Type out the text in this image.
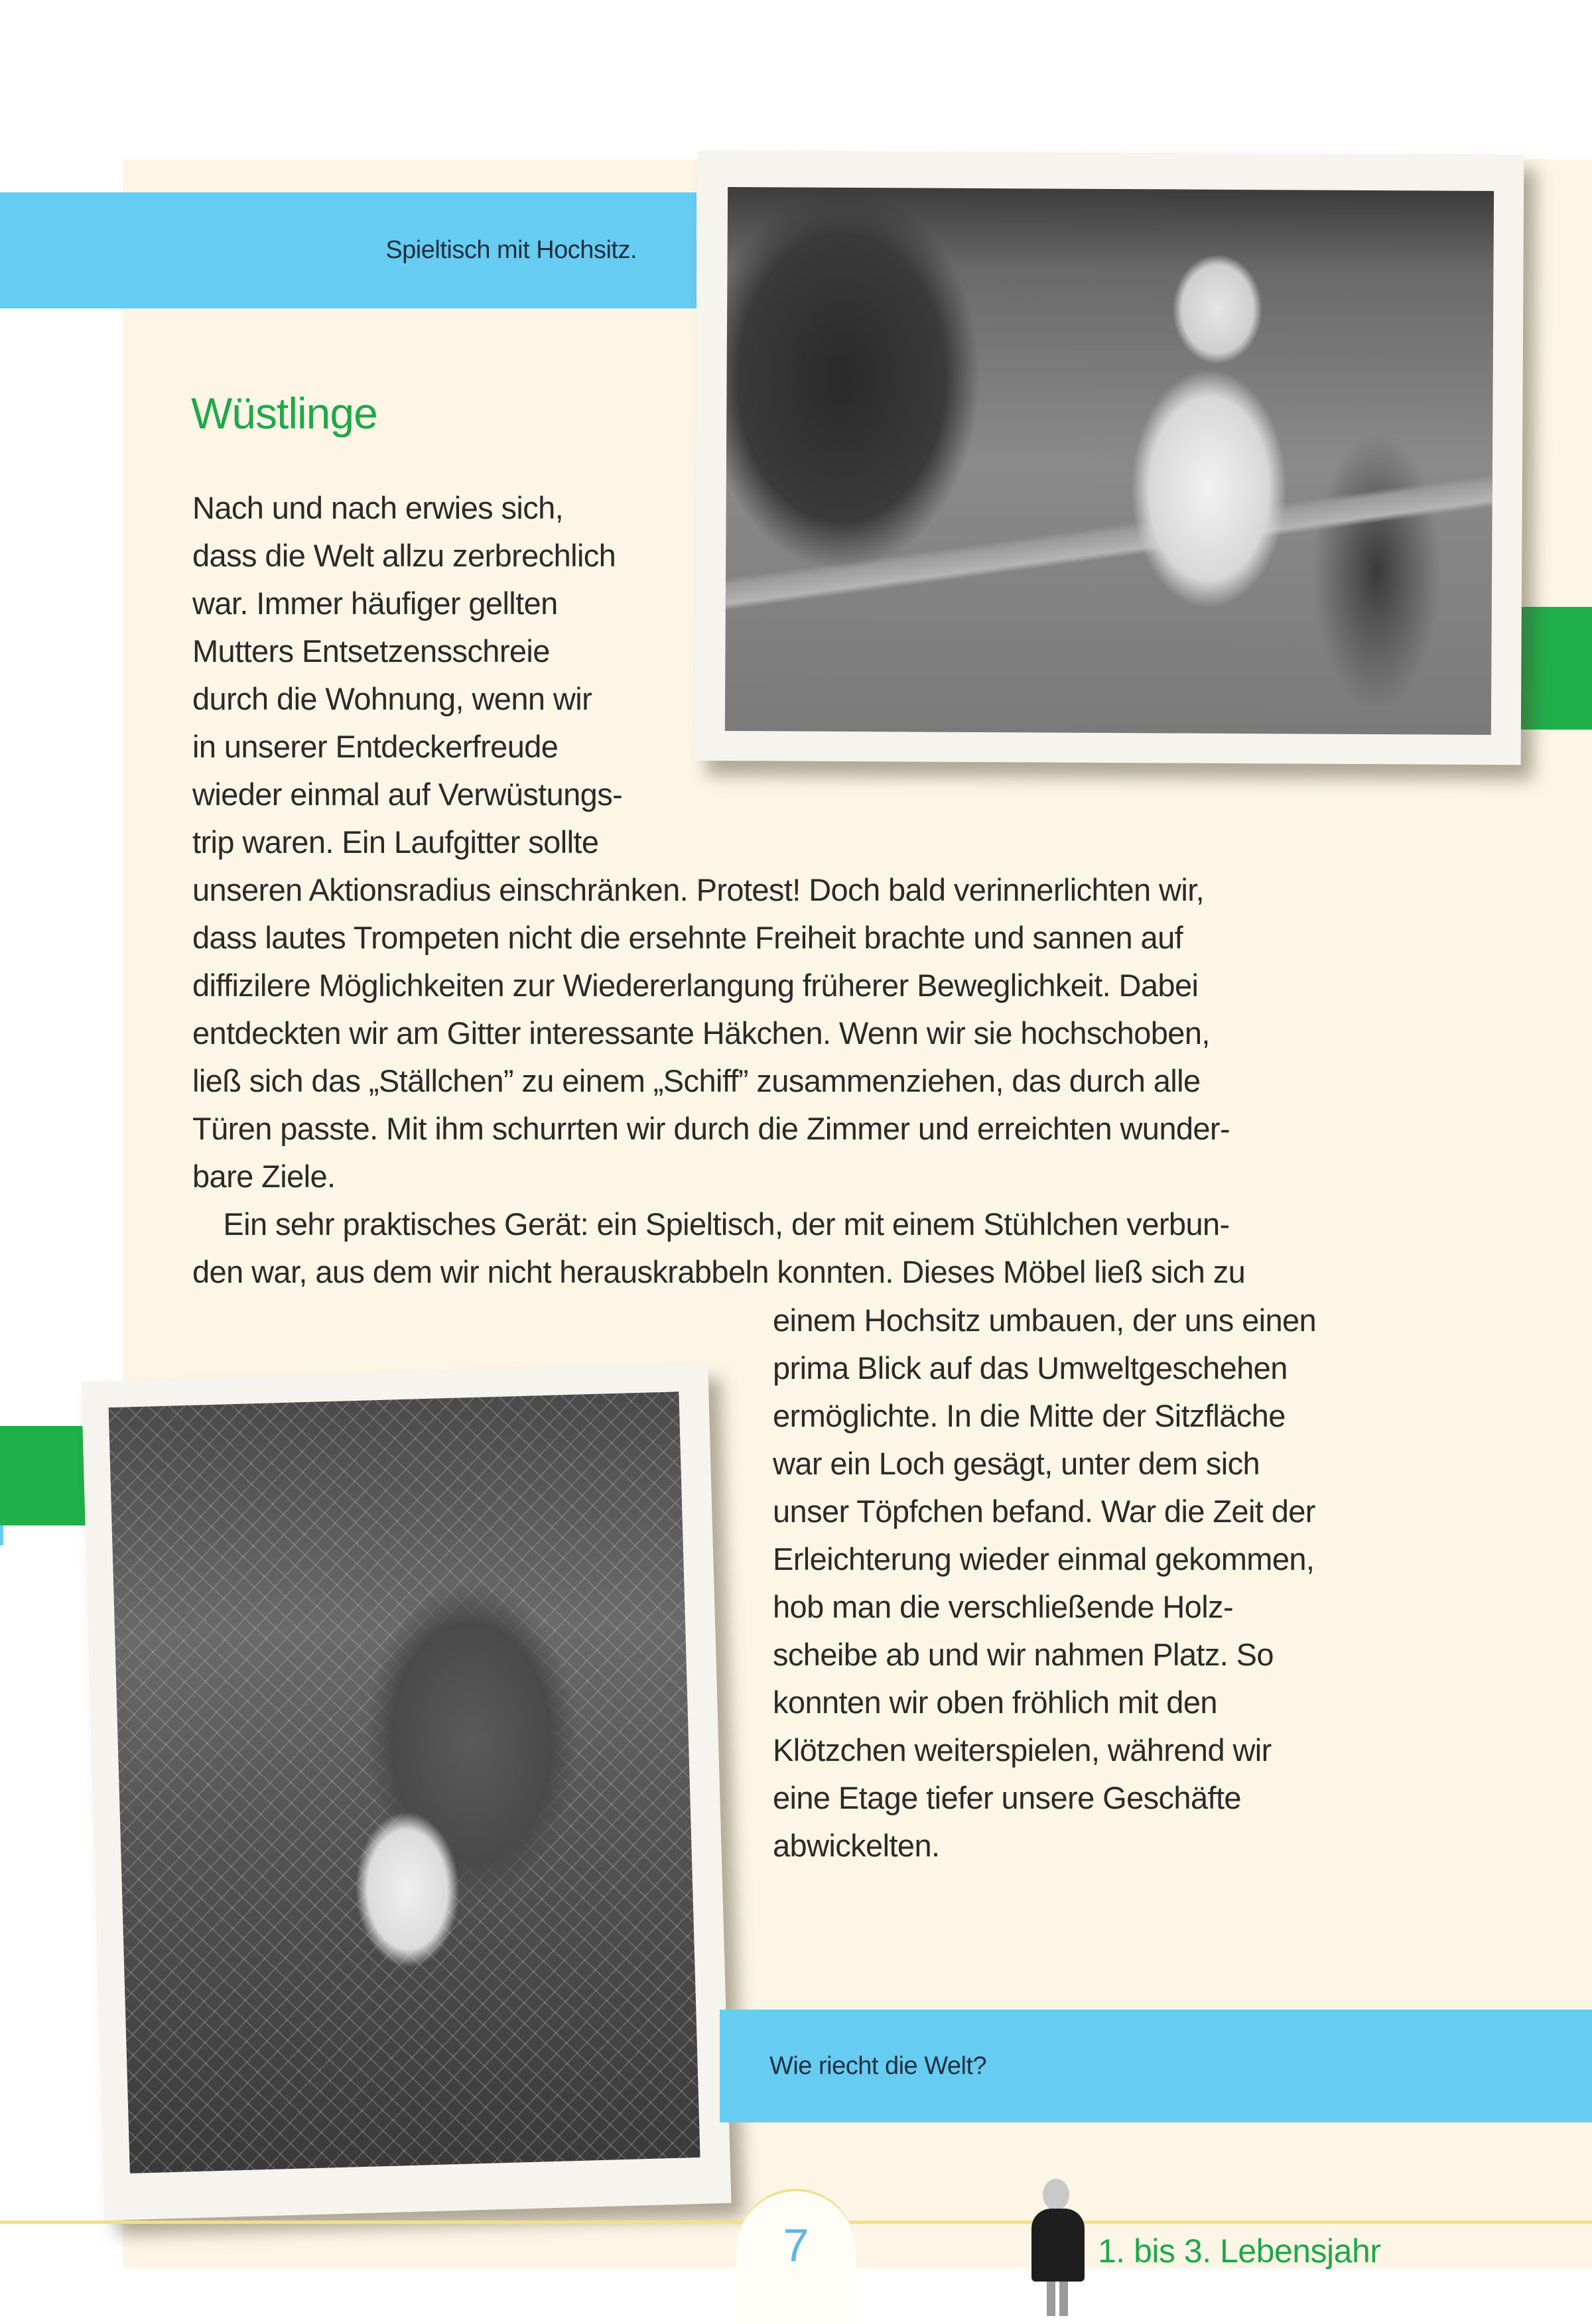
Spieltisch mit Hochsitz.
Wüstlinge
Nach und nach erwies sich,
dass die Welt allzu zerbrechlich
war. Immer häufiger gellten
Mutters Entsetzensschreie
durch die Wohnung, wenn wir
in unserer Entdeckerfreude
wieder einmal auf Verwüstungs-
trip waren. Ein Laufgitter sollte
unseren Aktionsradius einschränken. Protest! Doch bald verinnerlichten wir,
dass lautes Trompeten nicht die ersehnte Freiheit brachte und sannen auf
diffizilere Möglichkeiten zur Wiedererlangung früherer Beweglichkeit. Dabei
entdeckten wir am Gitter interessante Häkchen. Wenn wir sie hochschoben,
ließ sich das „Ställchen” zu einem „Schiff” zusammenziehen, das durch alle
Türen passte. Mit ihm schurrten wir durch die Zimmer und erreichten wunder-
bare Ziele.
 Ein sehr praktisches Gerät: ein Spieltisch, der mit einem Stühlchen verbun-
den war, aus dem wir nicht herauskrabbeln konnten. Dieses Möbel ließ sich zu
einem Hochsitz umbauen, der uns einen
prima Blick auf das Umweltgeschehen
ermöglichte. In die Mitte der Sitzfläche
war ein Loch gesägt, unter dem sich
unser Töpfchen befand. War die Zeit der
Erleichterung wieder einmal gekommen,
hob man die verschließende Holz-
scheibe ab und wir nahmen Platz. So
konnten wir oben fröhlich mit den
Klötzchen weiterspielen, während wir
eine Etage tiefer unsere Geschäfte
abwickelten.
Wie riecht die Welt?
7	1. bis 3. Lebensjahr
